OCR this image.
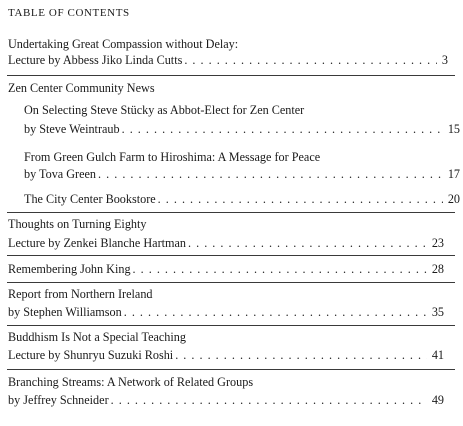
TABLE OF CONTENTS
Undertaking Great Compassion without Delay:
Lecture by Abbess Jiko Linda Cutts . . .	3
Zen Center Community News
On Selecting Steve Stücky as Abbot-Elect for Zen Center
by Steve Weintraub . . .	15
From Green Gulch Farm to Hiroshima: A Message for Peace
by Tova Green . . .	17
The City Center Bookstore . . .	20
Thoughts on Turning Eighty
Lecture by Zenkei Blanche Hartman . . .	23
Remembering John King . . .	28
Report from Northern Ireland
by Stephen Williamson . . .	35
Buddhism Is Not a Special Teaching
Lecture by Shunryu Suzuki Roshi . . .	41
Branching Streams: A Network of Related Groups
by Jeffrey Schneider . . .	49
